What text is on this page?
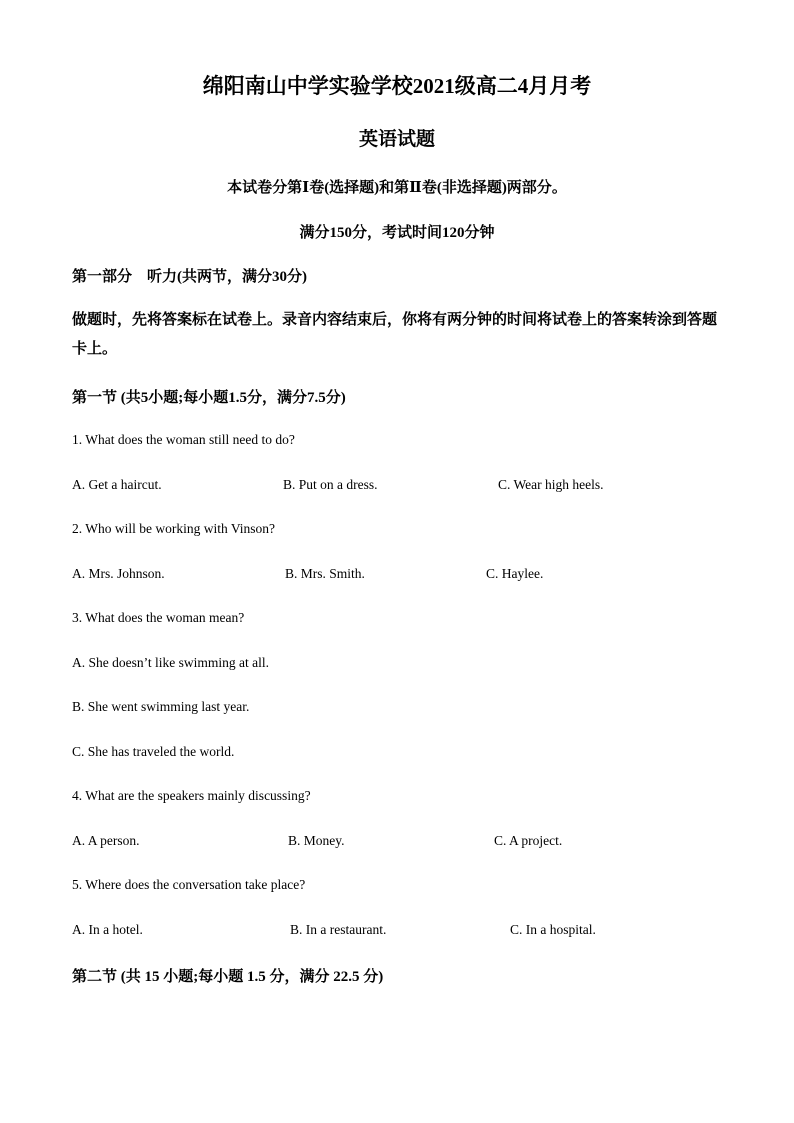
绵阳南山中学实验学校2021级高二4月月考
英语试题
本试卷分第Ⅰ卷(选择题)和第Ⅱ卷(非选择题)两部分。
满分150分，考试时间120分钟
第一部分　听力(共两节，满分30分)
做题时，先将答案标在试卷上。录音内容结束后，你将有两分钟的时间将试卷上的答案转涂到答题卡上。
第一节 (共5小题;每小题1.5分，满分7.5分)
1. What does the woman still need to do?
A. Get a haircut.	B. Put on a dress.	C. Wear high heels.
2. Who will be working with Vinson?
A. Mrs. Johnson.	B. Mrs. Smith.	C. Haylee.
3. What does the woman mean?
A. She doesn’t like swimming at all.
B. She went swimming last year.
C. She has traveled the world.
4. What are the speakers mainly discussing?
A. A person.	B. Money.	C. A project.
5. Where does the conversation take place?
A. In a hotel.	B. In a restaurant.	C. In a hospital.
第二节 (共 15 小题;每小题 1.5 分，满分 22.5 分)
